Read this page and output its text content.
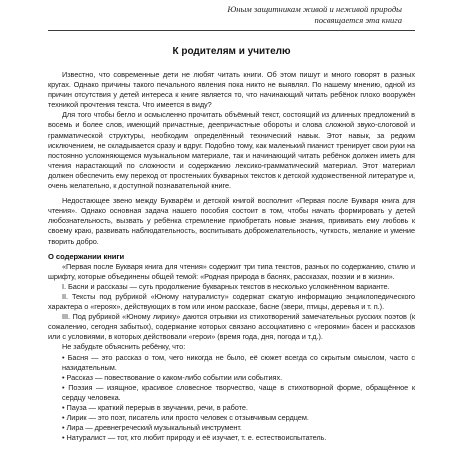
Юным защитникам живой и неживой природы
посвящается эта книга
К родителям и учителю

Известно, что современные дети не любят читать книги. Об этом пишут и много говорят в разных кругах. Однако причины такого печального явления пока никто не выявлял. По нашему мнению, одной из причин отсутствия у детей интереса к книге является то, что начинающий читать ребёнок плохо вооружён техникой прочтения текста. Что имеется в виду?

Для того чтобы бегло и осмысленно прочитать объёмный текст, состоящий из длинных предложений в восемь и более слов, имеющий причастные, деепричастные обороты и слова сложной звуко-слоговой и грамматической структуры, необходим определённый технический навык. Этот навык, за редким исключением, не складывается сразу и вдруг. Подобно тому, как маленький пианист тренирует свои руки на постоянно усложняющемся музыкальном материале, так и начинающий читать ребёнок должен иметь для чтения нарастающий по сложности и содержанию лексико-грамматический материал. Этот материал должен обеспечить ему переход от простеньких букварных текстов к детской художественной литературе и, очень желательно, к доступной познавательной книге.

Недостающее звено между Букварём и детской книгой восполнит «Первая после Букваря книга для чтения». Однако основная задача нашего пособия состоит в том, чтобы начать формировать у детей любознательность, вызвать у ребёнка стремление приобретать новые знания, прививать ему любовь к своему краю, развивать наблюдательность, воспитывать доброжелательность, чуткость, желание и умение творить добро.

О содержании книги

«Первая после Букваря книга для чтения» содержит три типа текстов, разных по содержанию, стилю и шрифту, которые объединены общей темой: «Родная природа в баснях, рассказах, поэзии и в жизни».

I. Басни и рассказы — суть продолжение букварных текстов в несколько усложнённом варианте.

II. Тексты под рубрикой «Юному натуралисту» содержат сжатую информацию энциклопедического характера о «героях», действующих в том или ином рассказе, басне (звери, птицы, деревья и т. п.).

III. Под рубрикой «Юному лирику» даются отрывки из стихотворений замечательных русских поэтов (к сожалению, сегодня забытых), содержание которых связано ассоциативно с «героями» басен и рассказов или с условиями, в которых действовали «герои» (время года, дня, погода и т.д.).

Не забудьте объяснить ребёнку, что:

• Басня — это рассказ о том, чего никогда не было, её сюжет всегда со скрытым смыслом, часто с назидательным.

• Рассказ — повествование о каком-либо событии или событиях.

• Поэзия — изящное, красивое словесное творчество, чаще в стихотворной форме, обращённое к сердцу человека.

• Пауза — краткий перерыв в звучании, речи, в работе.

• Лирик — это поэт, писатель или просто человек с отзывчивым сердцем.

• Лира — древнегреческий музыкальный инструмент.

• Натуралист — тот, кто любит природу и её изучает, т. е. естествоиспытатель.
